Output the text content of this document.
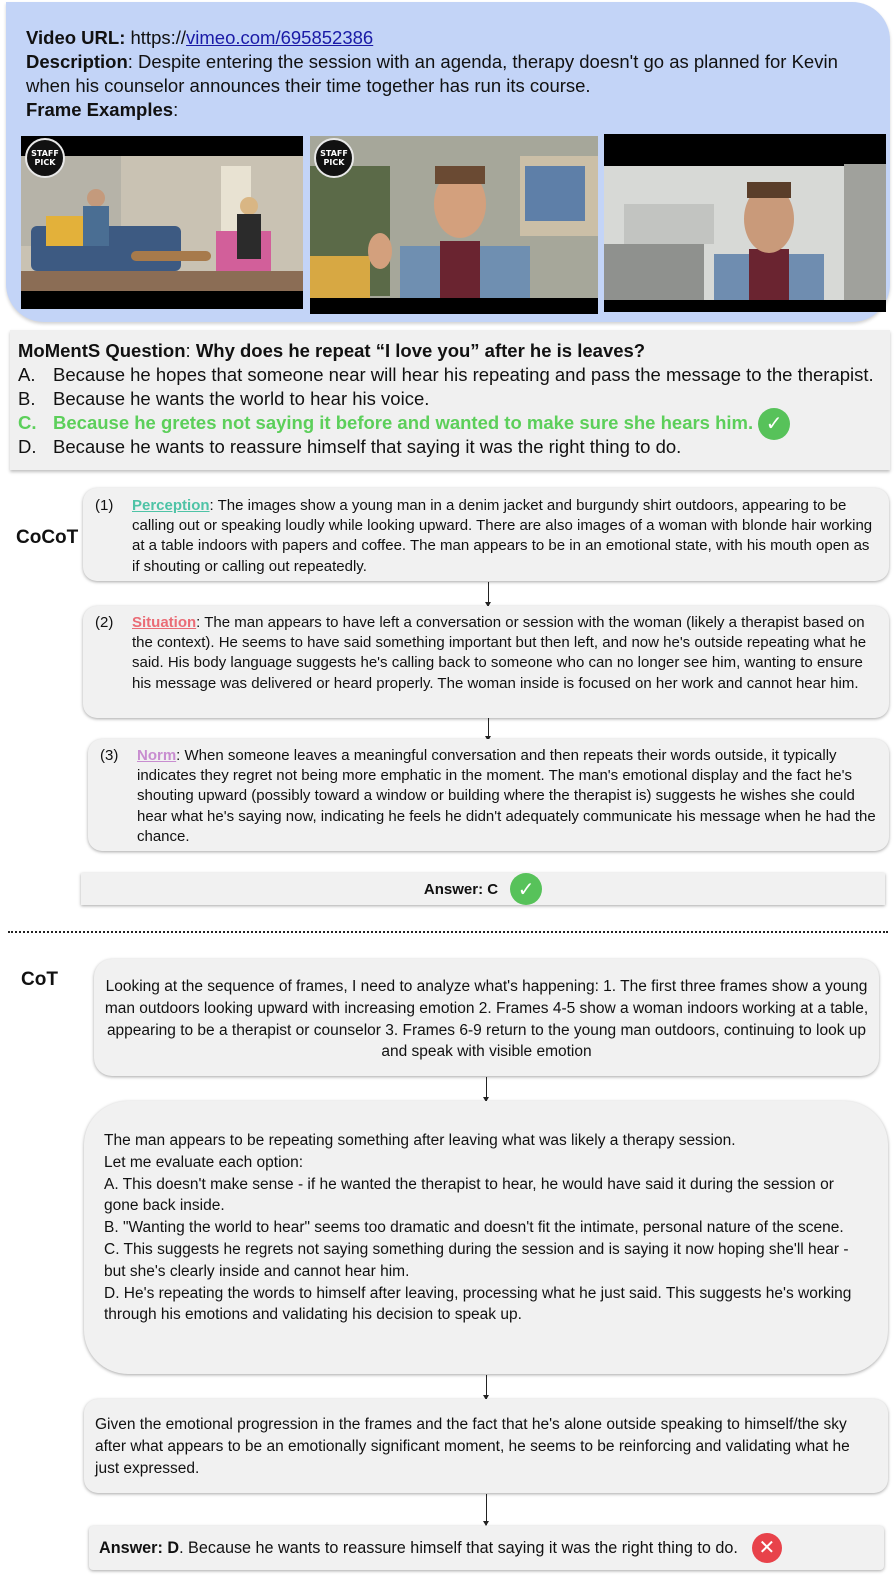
Video URL: https://vimeo.com/695852386

Description: Despite entering the session with an agenda, therapy doesn't go as planned for Kevin when his counselor announces their time together has run its course.

Frame Examples:

STAFF PICK
STAFF PICK

MoMentS Question: Why does he repeat “I love you” after he is leaves?

A. Because he hopes that someone near will hear his repeating and pass the message to the therapist.
B. Because he wants the world to hear his voice.
C. Because he gretes not saying it before and wanted to make sure she hears him. ✓
D. Because he wants to reassure himself that saying it was the right thing to do.
CoCoT
(1) Perception: The images show a young man in a denim jacket and burgundy shirt outdoors, appearing to be calling out or speaking loudly while looking upward. There are also images of a woman with blonde hair working at a table indoors with papers and coffee. The man appears to be in an emotional state, with his mouth open as if shouting or calling out repeatedly.
(2) Situation: The man appears to have left a conversation or session with the woman (likely a therapist based on the context). He seems to have said something important but then left, and now he's outside repeating what he said. His body language suggests he's calling back to someone who can no longer see him, wanting to ensure his message was delivered or heard properly. The woman inside is focused on her work and cannot hear him.
(3) Norm: When someone leaves a meaningful conversation and then repeats their words outside, it typically indicates they regret not being more emphatic in the moment. The man's emotional display and the fact he's shouting upward (possibly toward a window or building where the therapist is) suggests he wishes she could hear what he's saying now, indicating he feels he didn't adequately communicate his message when he had the chance.
Answer: C ✓
CoT	Looking at the sequence of frames, I need to analyze what's happening: 1. The first three frames show a young man outdoors looking upward with increasing emotion 2. Frames 4-5 show a woman indoors working at a table, appearing to be a therapist or counselor 3. Frames 6-9 return to the young man outdoors, continuing to look up and speak with visible emotion
The man appears to be repeating something after leaving what was likely a therapy session.
Let me evaluate each option:
A. This doesn't make sense - if he wanted the therapist to hear, he would have said it during the session or gone back inside.
B. "Wanting the world to hear" seems too dramatic and doesn't fit the intimate, personal nature of the scene.
C. This suggests he regrets not saying something during the session and is saying it now hoping she'll hear - but she's clearly inside and cannot hear him.
D. He's repeating the words to himself after leaving, processing what he just said. This suggests he's working through his emotions and validating his decision to speak up.
Given the emotional progression in the frames and the fact that he's alone outside speaking to himself/the sky after what appears to be an emotionally significant moment, he seems to be reinforcing and validating what he just expressed.
Answer: D . Because he wants to reassure himself that saying it was the right thing to do.	✕
